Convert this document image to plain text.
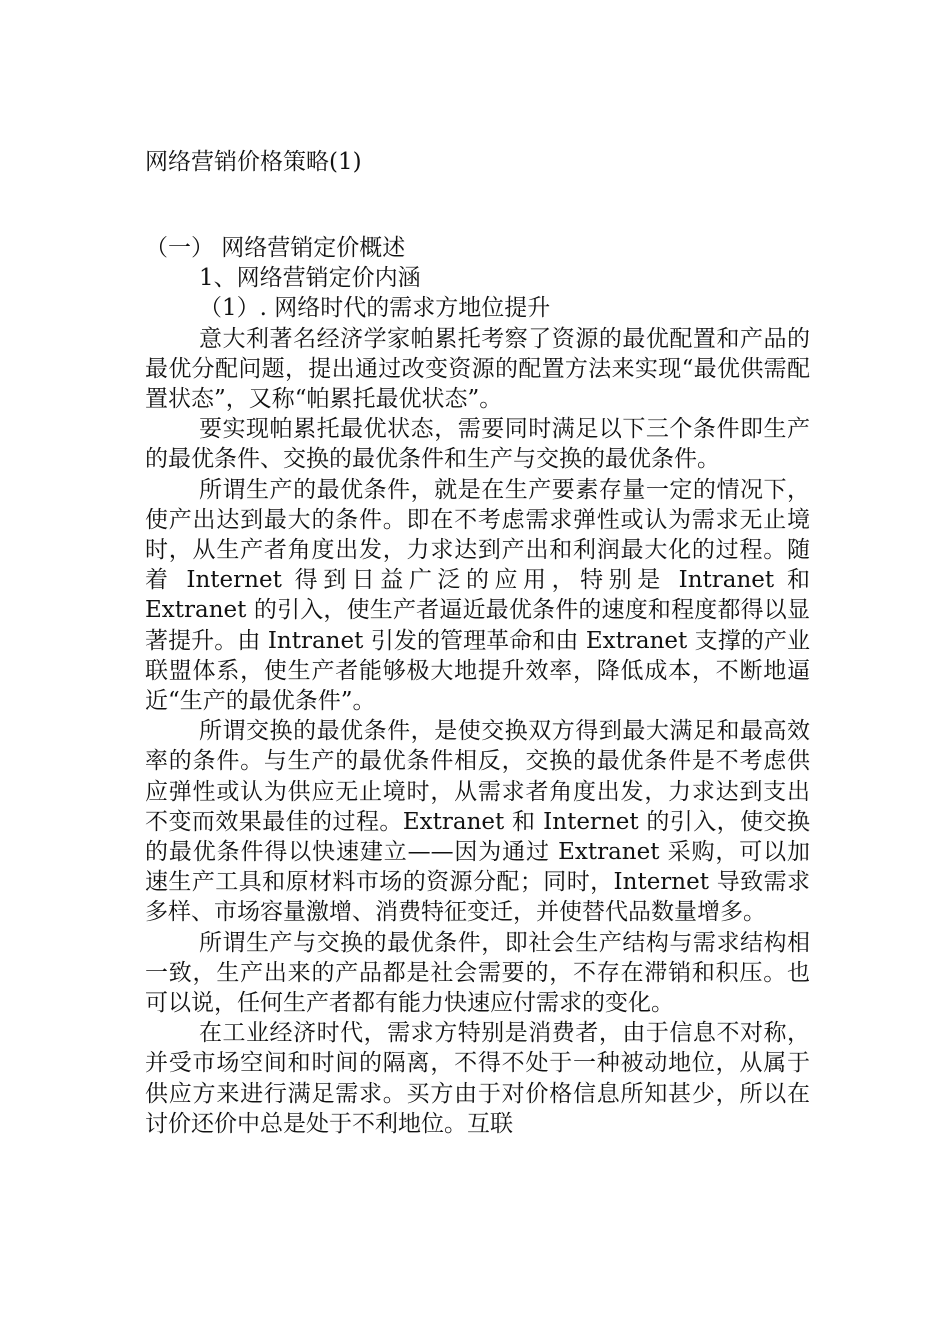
网络营销价格策略(1)

（一） 网络营销定价概述

1、网络营销定价内涵

（1）. 网络时代的需求方地位提升

意大利著名经济学家帕累托考察了资源的最优配置和产品的最优分配问题，提出通过改变资源的配置方法来实现“最优供需配置状态”，又称“帕累托最优状态”。

要实现帕累托最优状态，需要同时满足以下三个条件即生产的最优条件、交换的最优条件和生产与交换的最优条件。

所谓生产的最优条件，就是在生产要素存量一定的情况下，使产出达到最大的条件。即在不考虑需求弹性或认为需求无止境时，从生产者角度出发，力求达到产出和利润最大化的过程。随着 Internet 得到日益广泛的应用，特别是 Intranet 和 Extranet 的引入，使生产者逼近最优条件的速度和程度都得以显著提升。由 Intranet 引发的管理革命和由 Extranet 支撑的产业联盟体系，使生产者能够极大地提升效率，降低成本，不断地逼近“生产的最优条件”。

所谓交换的最优条件，是使交换双方得到最大满足和最高效率的条件。与生产的最优条件相反，交换的最优条件是不考虑供应弹性或认为供应无止境时，从需求者角度出发，力求达到支出不变而效果最佳的过程。Extranet 和 Internet 的引入，使交换的最优条件得以快速建立——因为通过 Extranet 采购，可以加速生产工具和原材料市场的资源分配；同时，Internet 导致需求多样、市场容量激增、消费特征变迁，并使替代品数量增多。

所谓生产与交换的最优条件，即社会生产结构与需求结构相一致，生产出来的产品都是社会需要的，不存在滞销和积压。也可以说，任何生产者都有能力快速应付需求的变化。

在工业经济时代，需求方特别是消费者，由于信息不对称，并受市场空间和时间的隔离，不得不处于一种被动地位，从属于供应方来进行满足需求。买方由于对价格信息所知甚少，所以在讨价还价中总是处于不利地位。互联
